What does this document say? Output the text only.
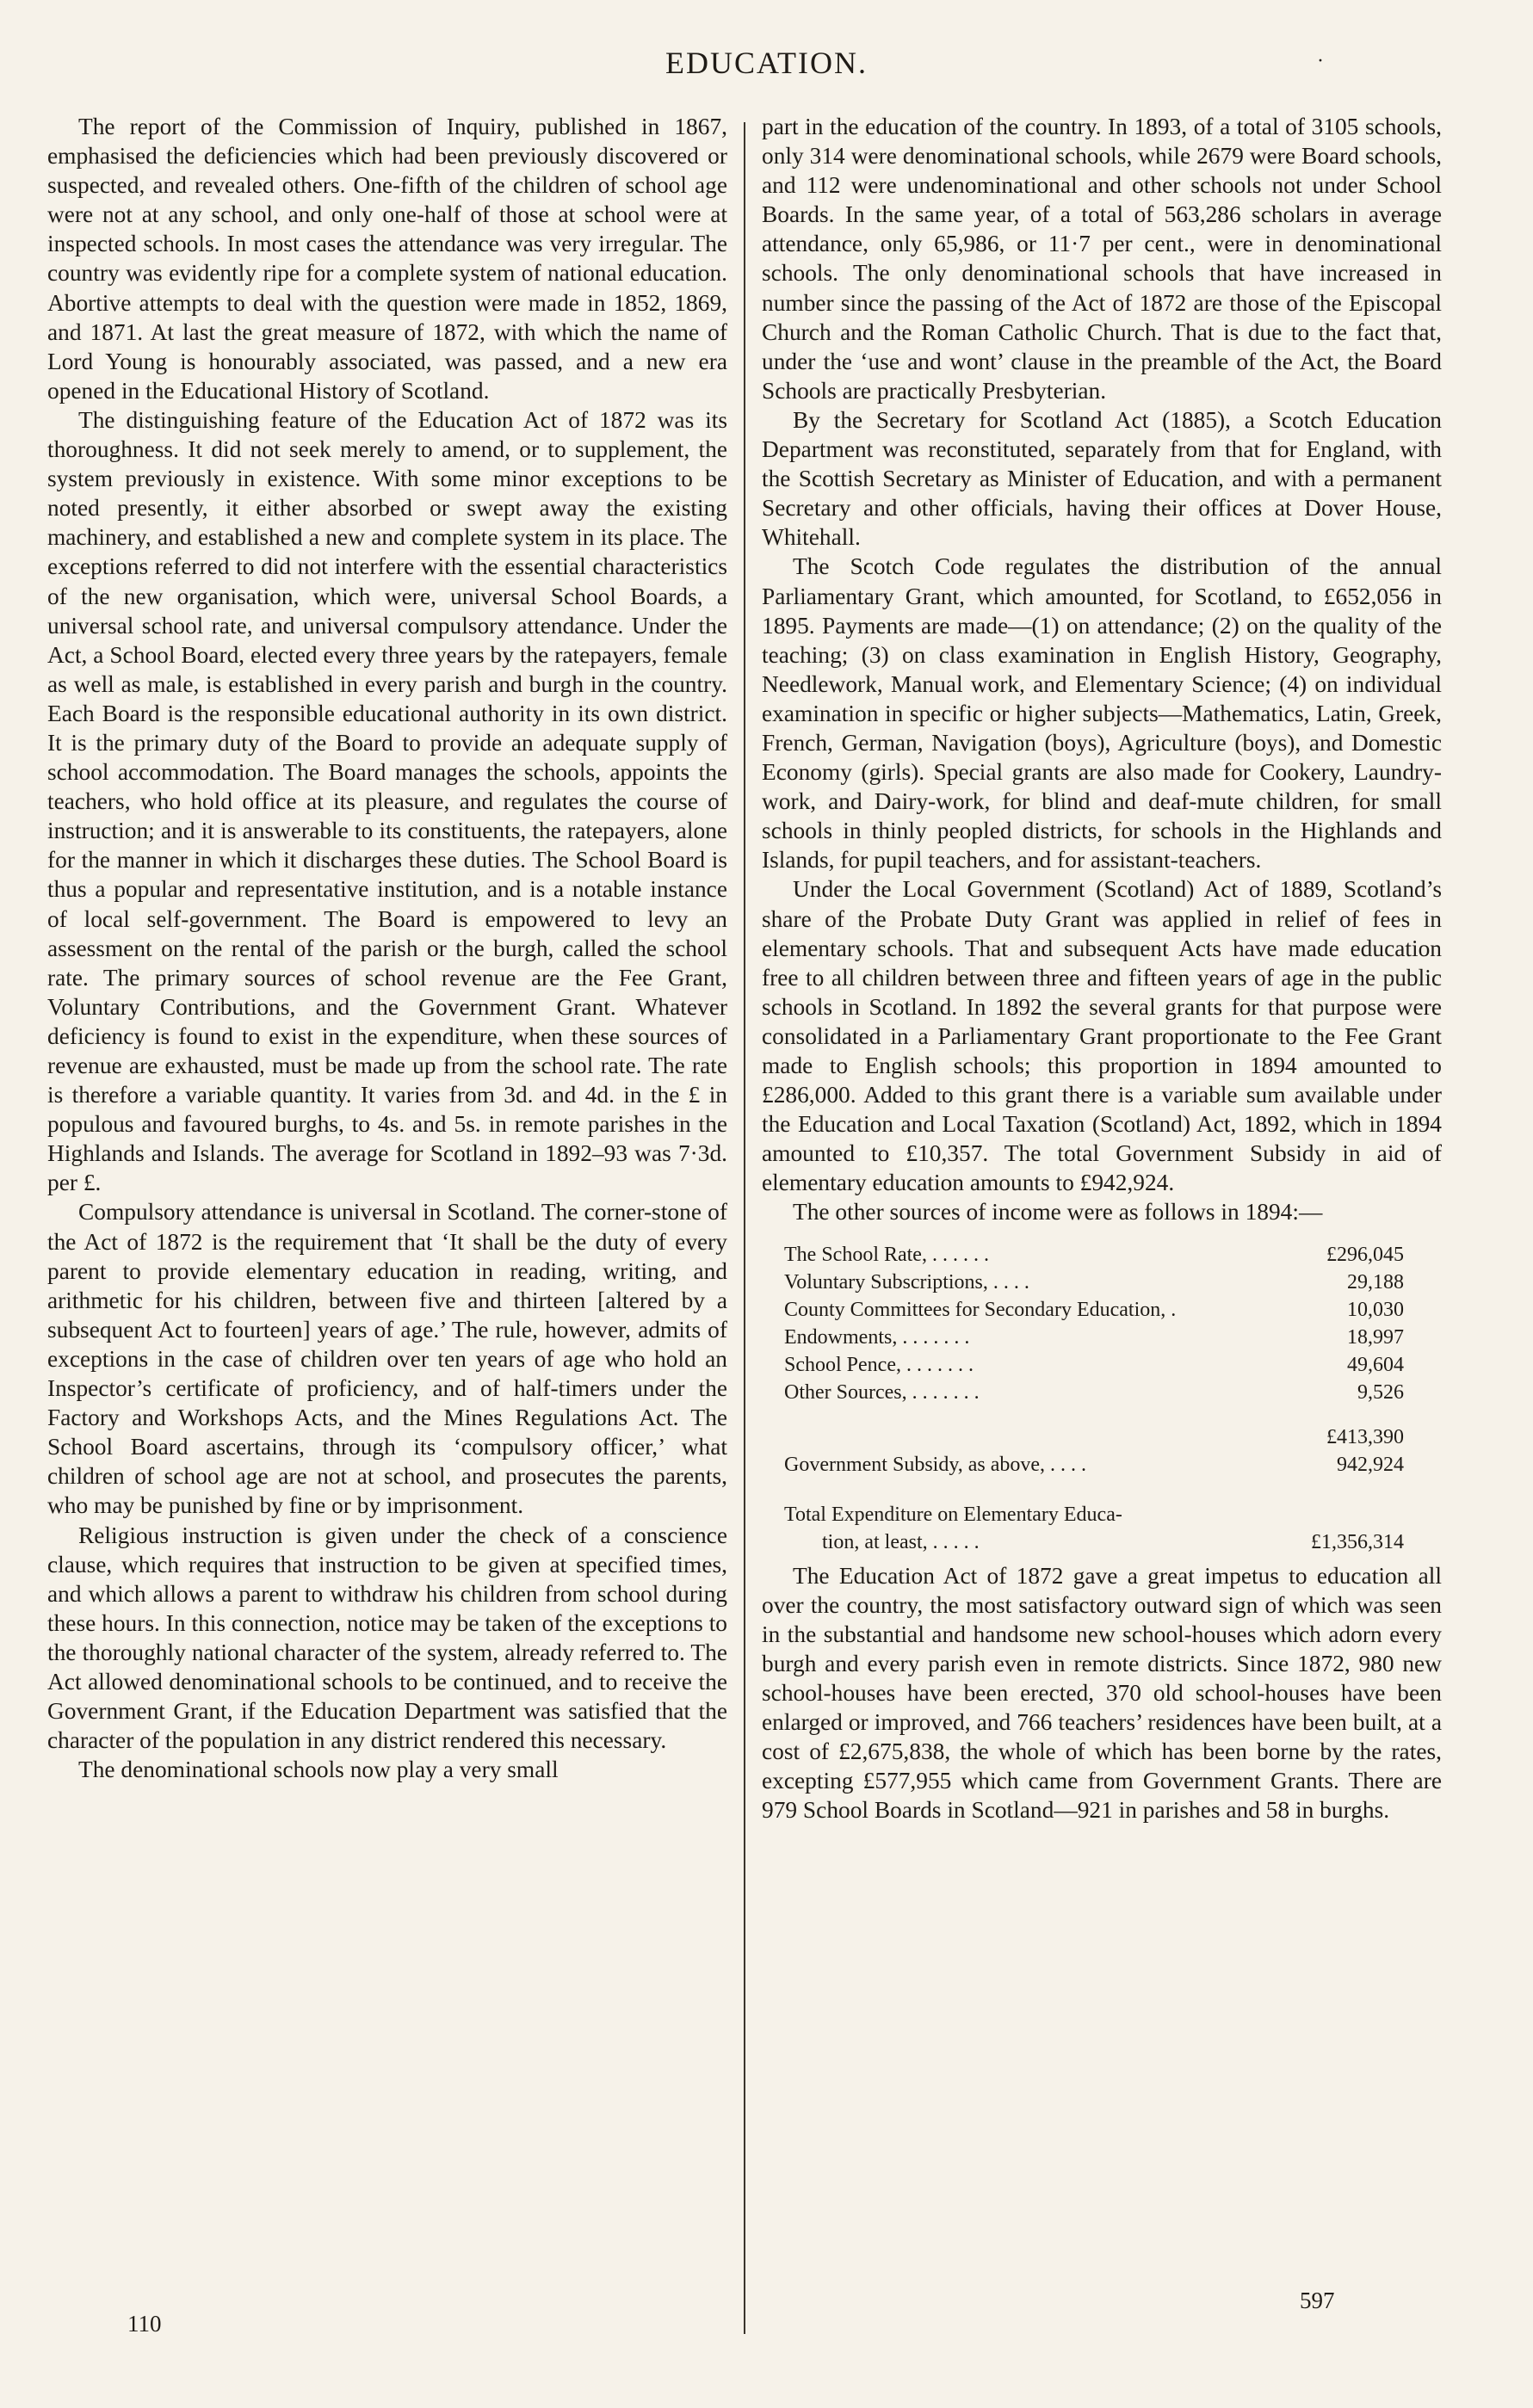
EDUCATION.	·

The report of the Commission of Inquiry, published in 1867, emphasised the deficiencies which had been previously discovered or suspected, and revealed others. One-fifth of the children of school age were not at any school, and only one-half of those at school were at inspected schools. In most cases the attendance was very irregular. The country was evidently ripe for a complete system of national education. Abortive attempts to deal with the question were made in 1852, 1869, and 1871. At last the great measure of 1872, with which the name of Lord Young is honourably associated, was passed, and a new era opened in the Educational History of Scotland.

The distinguishing feature of the Education Act of 1872 was its thoroughness. It did not seek merely to amend, or to supplement, the system previously in existence. With some minor exceptions to be noted presently, it either absorbed or swept away the existing machinery, and established a new and complete system in its place. The exceptions referred to did not interfere with the essential characteristics of the new organisation, which were, universal School Boards, a universal school rate, and universal compulsory attendance. Under the Act, a School Board, elected every three years by the ratepayers, female as well as male, is established in every parish and burgh in the country. Each Board is the responsible educational authority in its own district. It is the primary duty of the Board to provide an adequate supply of school accommodation. The Board manages the schools, appoints the teachers, who hold office at its pleasure, and regulates the course of instruction; and it is answerable to its constituents, the ratepayers, alone for the manner in which it discharges these duties. The School Board is thus a popular and representative institution, and is a notable instance of local self-government. The Board is empowered to levy an assessment on the rental of the parish or the burgh, called the school rate. The primary sources of school revenue are the Fee Grant, Voluntary Contributions, and the Government Grant. Whatever deficiency is found to exist in the expenditure, when these sources of revenue are exhausted, must be made up from the school rate. The rate is therefore a variable quantity. It varies from 3d. and 4d. in the £ in populous and favoured burghs, to 4s. and 5s. in remote parishes in the Highlands and Islands. The average for Scotland in 1892–93 was 7·3d. per £.

Compulsory attendance is universal in Scotland. The corner-stone of the Act of 1872 is the requirement that ‘It shall be the duty of every parent to provide elementary education in reading, writing, and arithmetic for his children, between five and thirteen [altered by a subsequent Act to fourteen] years of age.’ The rule, however, admits of exceptions in the case of children over ten years of age who hold an Inspector’s certificate of proficiency, and of half-timers under the Factory and Workshops Acts, and the Mines Regulations Act. The School Board ascertains, through its ‘compulsory officer,’ what children of school age are not at school, and prosecutes the parents, who may be punished by fine or by imprisonment.

Religious instruction is given under the check of a conscience clause, which requires that instruction to be given at specified times, and which allows a parent to withdraw his children from school during these hours. In this connection, notice may be taken of the exceptions to the thoroughly national character of the system, already referred to. The Act allowed denominational schools to be continued, and to receive the Government Grant, if the Education Department was satisfied that the character of the population in any district rendered this necessary.

The denominational schools now play a very small

part in the education of the country. In 1893, of a total of 3105 schools, only 314 were denominational schools, while 2679 were Board schools, and 112 were undenominational and other schools not under School Boards. In the same year, of a total of 563,286 scholars in average attendance, only 65,986, or 11·7 per cent., were in denominational schools. The only denominational schools that have increased in number since the passing of the Act of 1872 are those of the Episcopal Church and the Roman Catholic Church. That is due to the fact that, under the ‘use and wont’ clause in the preamble of the Act, the Board Schools are practically Presbyterian.

By the Secretary for Scotland Act (1885), a Scotch Education Department was reconstituted, separately from that for England, with the Scottish Secretary as Minister of Education, and with a permanent Secretary and other officials, having their offices at Dover House, Whitehall.

The Scotch Code regulates the distribution of the annual Parliamentary Grant, which amounted, for Scotland, to £652,056 in 1895. Payments are made—(1) on attendance; (2) on the quality of the teaching; (3) on class examination in English History, Geography, Needlework, Manual work, and Elementary Science; (4) on individual examination in specific or higher subjects—Mathematics, Latin, Greek, French, German, Navigation (boys), Agriculture (boys), and Domestic Economy (girls). Special grants are also made for Cookery, Laundry-work, and Dairy-work, for blind and deaf-mute children, for small schools in thinly peopled districts, for schools in the Highlands and Islands, for pupil teachers, and for assistant-teachers.

Under the Local Government (Scotland) Act of 1889, Scotland’s share of the Probate Duty Grant was applied in relief of fees in elementary schools. That and subsequent Acts have made education free to all children between three and fifteen years of age in the public schools in Scotland. In 1892 the several grants for that purpose were consolidated in a Parliamentary Grant proportionate to the Fee Grant made to English schools; this proportion in 1894 amounted to £286,000. Added to this grant there is a variable sum available under the Education and Local Taxation (Scotland) Act, 1892, which in 1894 amounted to £10,357. The total Government Subsidy in aid of elementary education amounts to £942,924.

The other sources of income were as follows in 1894:—

The School Rate, . . . . . .	£296,045
Voluntary Subscriptions, . . . .	29,188
County Committees for Secondary Education, .	10,030
Endowments, . . . . . . .	18,997
School Pence, . . . . . . .	49,604
Other Sources, . . . . . . .	9,526
£413,390
Government Subsidy, as above, . . . .	942,924
Total Expenditure on Elementary Educa-
tion, at least, . . . . .	£1,356,314

The Education Act of 1872 gave a great impetus to education all over the country, the most satisfactory outward sign of which was seen in the substantial and handsome new school-houses which adorn every burgh and every parish even in remote districts. Since 1872, 980 new school-houses have been erected, 370 old school-houses have been enlarged or improved, and 766 teachers’ residences have been built, at a cost of £2,675,838, the whole of which has been borne by the rates, excepting £577,955 which came from Government Grants. There are 979 School Boards in Scotland—921 in parishes and 58 in burghs.

110
597
